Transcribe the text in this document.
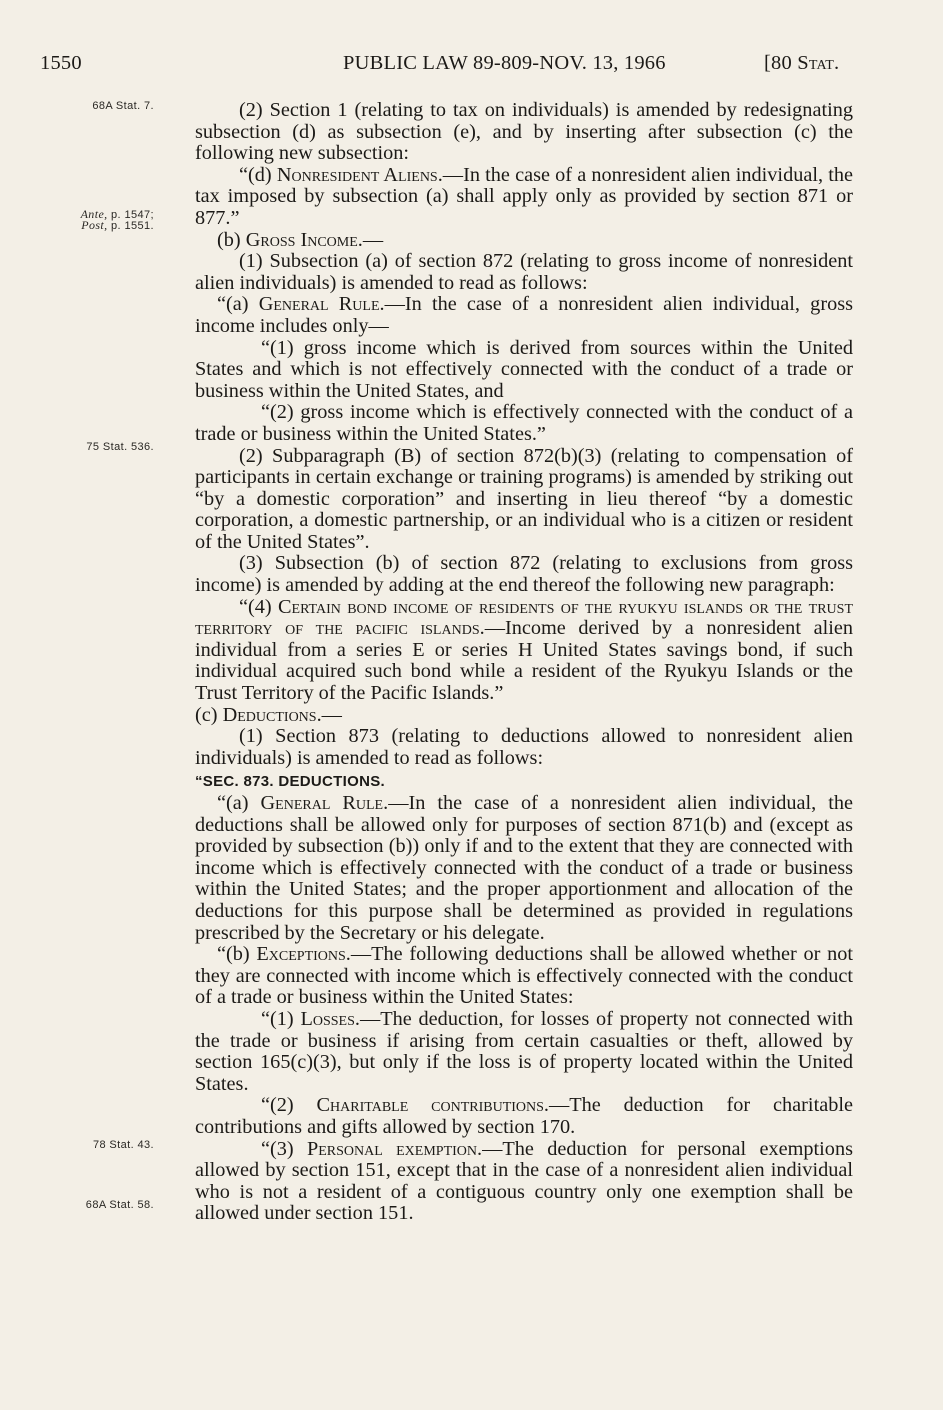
1550	PUBLIC LAW 89-809-NOV. 13, 1966	[80 Stat.
68A Stat. 7.
Ante, p. 1547;
Post, p. 1551.
75 Stat. 536.
78 Stat. 43.
68A Stat. 58.

(2) Section 1 (relating to tax on individuals) is amended by redesignating subsection (d) as subsection (e), and by inserting after subsection (c) the following new subsection:

“(d) Nonresident Aliens.—In the case of a nonresident alien individual, the tax imposed by subsection (a) shall apply only as provided by section 871 or 877.”

(b) Gross Income.—

(1) Subsection (a) of section 872 (relating to gross income of nonresident alien individuals) is amended to read as follows:

“(a) General Rule.—In the case of a nonresident alien individual, gross income includes only—

“(1) gross income which is derived from sources within the United States and which is not effectively connected with the conduct of a trade or business within the United States, and

“(2) gross income which is effectively connected with the conduct of a trade or business within the United States.”

(2) Subparagraph (B) of section 872(b)(3) (relating to compensation of participants in certain exchange or training programs) is amended by striking out “by a domestic corporation” and inserting in lieu thereof “by a domestic corporation, a domestic partnership, or an individual who is a citizen or resident of the United States”.

(3) Subsection (b) of section 872 (relating to exclusions from gross income) is amended by adding at the end thereof the following new paragraph:

“(4) Certain bond income of residents of the ryukyu islands or the trust territory of the pacific islands.—Income derived by a nonresident alien individual from a series E or series H United States savings bond, if such individual acquired such bond while a resident of the Ryukyu Islands or the Trust Territory of the Pacific Islands.”

(c) Deductions.—

(1) Section 873 (relating to deductions allowed to nonresident alien individuals) is amended to read as follows:

“SEC. 873. DEDUCTIONS.

“(a) General Rule.—In the case of a nonresident alien individual, the deductions shall be allowed only for purposes of section 871(b) and (except as provided by subsection (b)) only if and to the extent that they are connected with income which is effectively connected with the conduct of a trade or business within the United States; and the proper apportionment and allocation of the deductions for this purpose shall be determined as provided in regulations prescribed by the Secretary or his delegate.

“(b) Exceptions.—The following deductions shall be allowed whether or not they are connected with income which is effectively connected with the conduct of a trade or business within the United States:

“(1) Losses.—The deduction, for losses of property not connected with the trade or business if arising from certain casualties or theft, allowed by section 165(c)(3), but only if the loss is of property located within the United States.

“(2) Charitable contributions.—The deduction for charitable contributions and gifts allowed by section 170.

“(3) Personal exemption.—The deduction for personal exemptions allowed by section 151, except that in the case of a nonresident alien individual who is not a resident of a contiguous country only one exemption shall be allowed under section 151.
